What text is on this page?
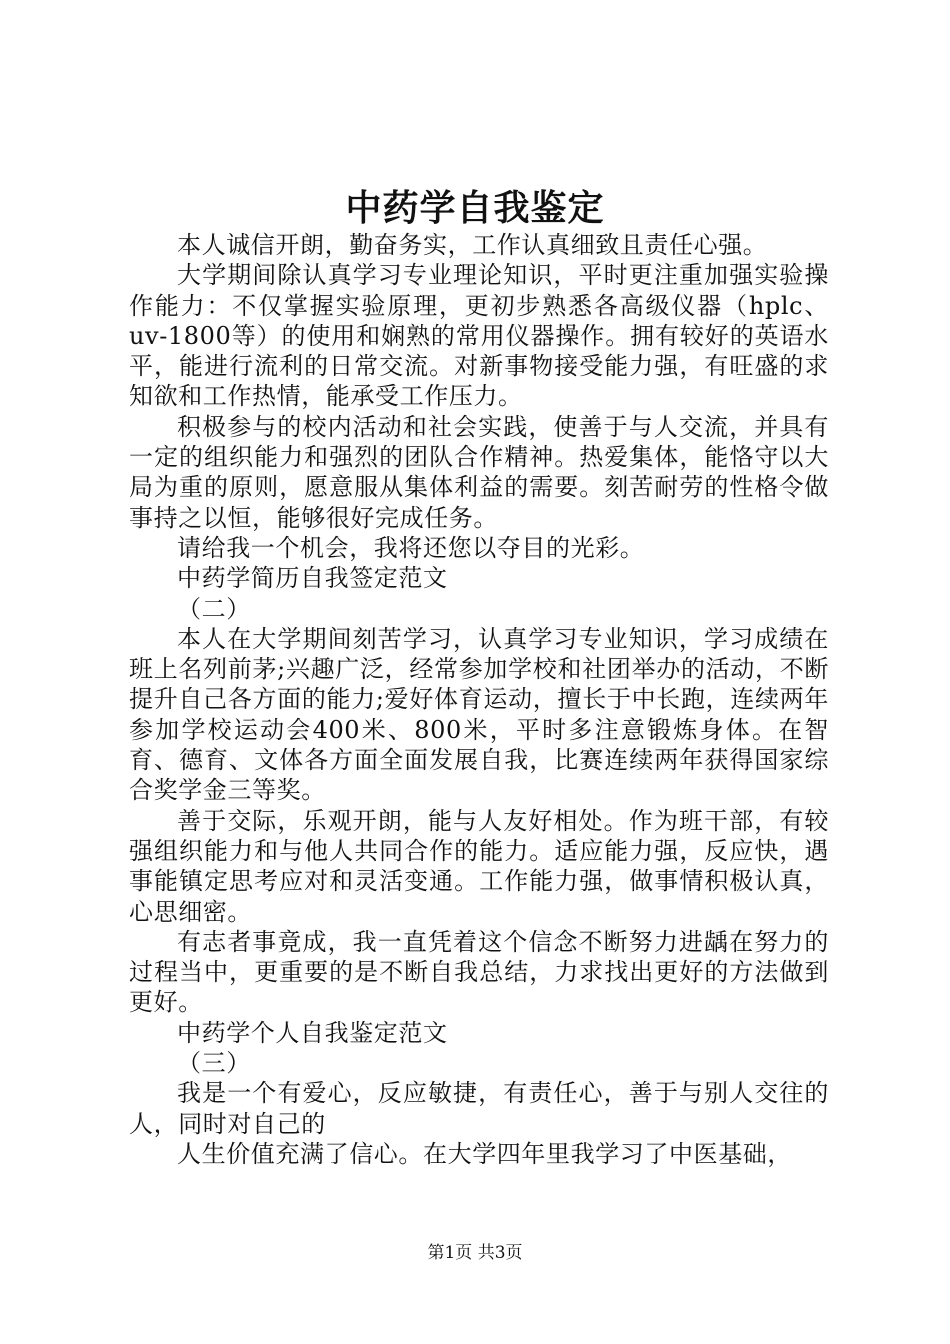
中药学自我鉴定

本人诚信开朗，勤奋务实，工作认真细致且责任心强。

大学期间除认真学习专业理论知识，平时更注重加强实验操作能力：不仅掌握实验原理，更初步熟悉各高级仪器（hplc、uv-1800等）的使用和娴熟的常用仪器操作。拥有较好的英语水平，能进行流利的日常交流。对新事物接受能力强，有旺盛的求知欲和工作热情，能承受工作压力。

积极参与的校内活动和社会实践，使善于与人交流，并具有一定的组织能力和强烈的团队合作精神。热爱集体，能恪守以大局为重的原则，愿意服从集体利益的需要。刻苦耐劳的性格令做事持之以恒，能够很好完成任务。

请给我一个机会，我将还您以夺目的光彩。

中药学简历自我签定范文

（二）

本人在大学期间刻苦学习，认真学习专业知识，学习成绩在班上名列前茅;兴趣广泛，经常参加学校和社团举办的活动，不断提升自己各方面的能力;爱好体育运动，擅长于中长跑，连续两年参加学校运动会400米、800米，平时多注意锻炼身体。在智育、德育、文体各方面全面发展自我，比赛连续两年获得国家综合奖学金三等奖。

善于交际，乐观开朗，能与人友好相处。作为班干部，有较强组织能力和与他人共同合作的能力。适应能力强，反应快，遇事能镇定思考应对和灵活变通。工作能力强，做事情积极认真，心思细密。

有志者事竟成，我一直凭着这个信念不断努力进龋在努力的过程当中，更重要的是不断自我总结，力求找出更好的方法做到更好。

中药学个人自我鉴定范文

（三）

我是一个有爱心，反应敏捷，有责任心，善于与别人交往的人，同时对自己的

人生价值充满了信心。在大学四年里我学习了中医基础，

第1页 共3页
